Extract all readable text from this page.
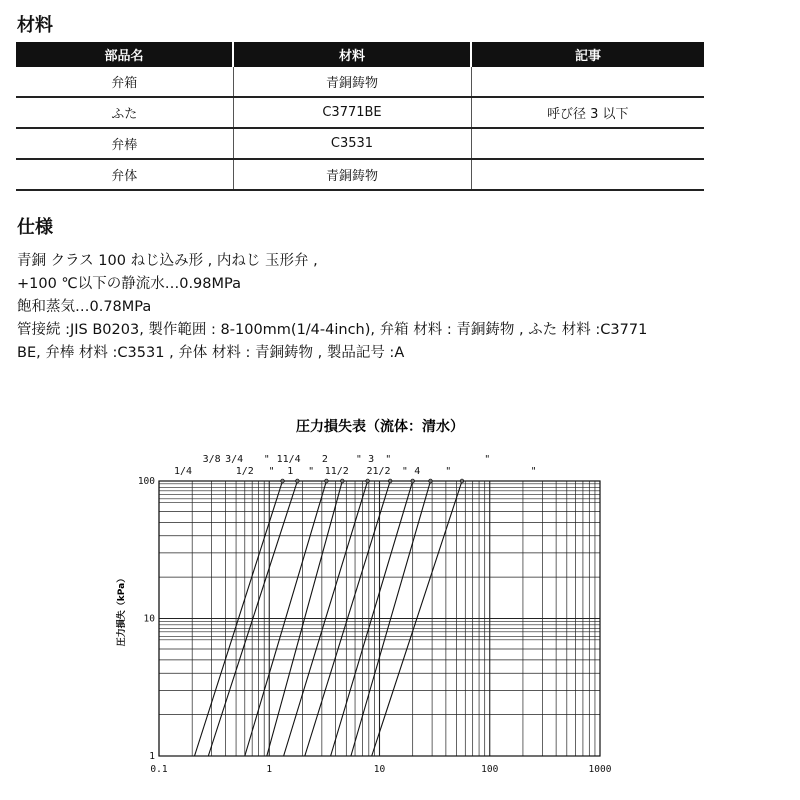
材料
部品名	材料	記事
弁箱	青銅鋳物	
ふた	C3771BE	呼び径 3 以下
弁棒	C3531	
弁体	青銅鋳物	
仕様
青銅 クラス 100 ねじ込み形 , 内ねじ 玉形弁 ,
+100 ℃以下の静流水…0.98MPa
飽和蒸気…0.78MPa
管接続 :JIS B0203, 製作範囲 : 8-100mm(1/4-4inch), 弁箱 材料 : 青銅鋳物 , ふた 材料 :C3771
BE, 弁棒 材料 :C3531 , 弁体 材料 : 青銅鋳物 , 製品記号 :A
圧力損失表（流体：清水）
圧力損失（kPa）
0.1	1	10	100	1000
1
10
100
3/8 3/4 " 11/4 2	" 3 "	"
1/4	1/2 " 1 " 11/2 21/2 " 4 "	"
